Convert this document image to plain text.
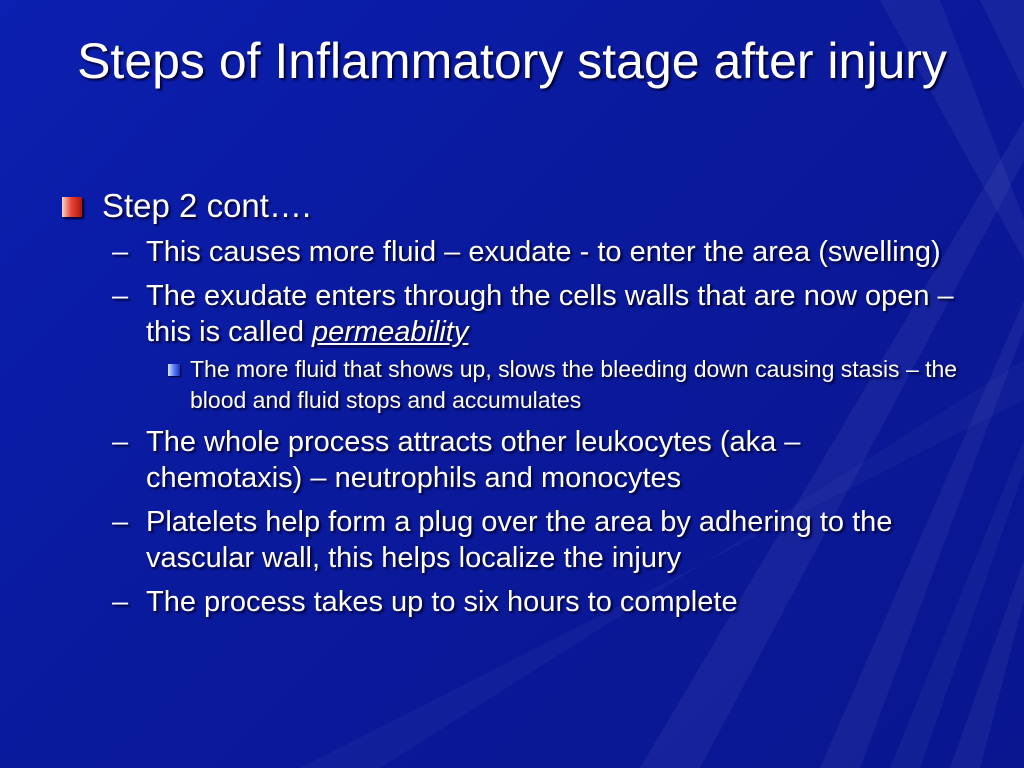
Steps of Inflammatory stage after injury
Step 2 cont….
– This causes more fluid – exudate - to enter the area (swelling)
– The exudate enters through the cells walls that are now open – this is called permeability
The more fluid that shows up, slows the bleeding down causing stasis – the blood and fluid stops and accumulates
– The whole process attracts other leukocytes (aka – chemotaxis) – neutrophils and monocytes
– Platelets help form a plug over the area by adhering to the vascular wall, this helps localize the injury
– The process takes up to six hours to complete
